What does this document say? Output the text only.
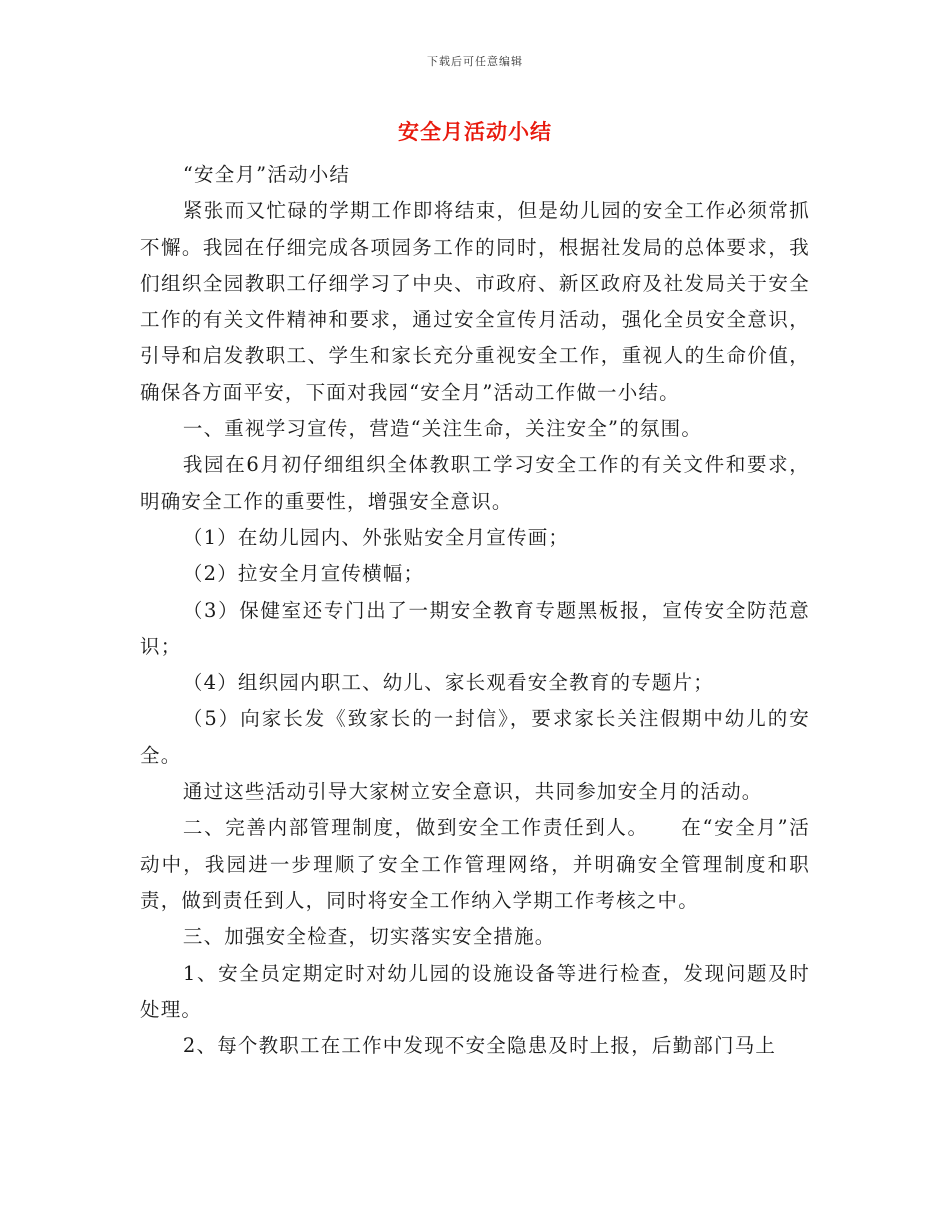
下载后可任意编辑
安全月活动小结

“安全月”活动小结

紧张而又忙碌的学期工作即将结束，但是幼儿园的安全工作必须常抓不懈。我园在仔细完成各项园务工作的同时，根据社发局的总体要求，我们组织全园教职工仔细学习了中央、市政府、新区政府及社发局关于安全工作的有关文件精神和要求，通过安全宣传月活动，强化全员安全意识，引导和启发教职工、学生和家长充分重视安全工作，重视人的生命价值，确保各方面平安，下面对我园“安全月”活动工作做一小结。

一、重视学习宣传，营造“关注生命，关注安全”的氛围。

我园在6月初仔细组织全体教职工学习安全工作的有关文件和要求，明确安全工作的重要性，增强安全意识。

（1）在幼儿园内、外张贴安全月宣传画；

（2）拉安全月宣传横幅；

（3）保健室还专门出了一期安全教育专题黑板报，宣传安全防范意识；

（4）组织园内职工、幼儿、家长观看安全教育的专题片；

（5）向家长发《致家长的一封信》，要求家长关注假期中幼儿的安全。

通过这些活动引导大家树立安全意识，共同参加安全月的活动。

二、完善内部管理制度，做到安全工作责任到人。　　在“安全月”活动中，我园进一步理顺了安全工作管理网络，并明确安全管理制度和职责，做到责任到人，同时将安全工作纳入学期工作考核之中。

三、加强安全检查，切实落实安全措施。

1、安全员定期定时对幼儿园的设施设备等进行检查，发现问题及时处理。

2、每个教职工在工作中发现不安全隐患及时上报，后勤部门马上
